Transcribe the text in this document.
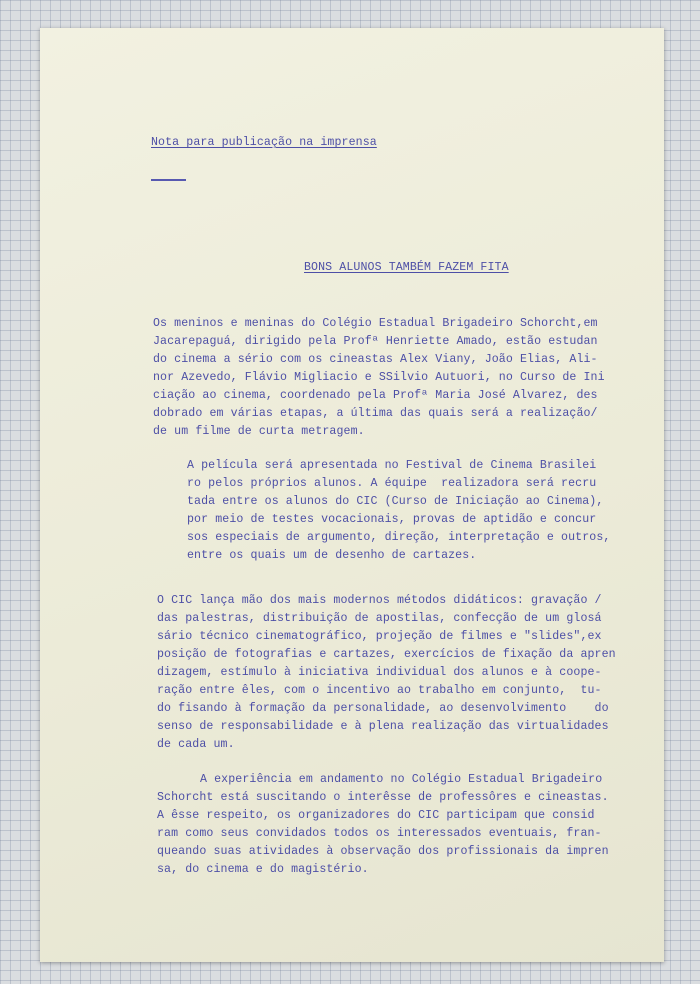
Nota para publicação na imprensa
BONS ALUNOS TAMBÉM FAZEM FITA
Os meninos e meninas do Colégio Estadual Brigadeiro Schorcht,em
Jacarepaguá, dirigido pela Profª Henriette Amado, estão estudan
do cinema a sério com os cineastas Alex Viany, João Elias, Ali-
nor Azevedo, Flávio Migliacio e SSilvio Autuori, no Curso de Ini
ciação ao cinema, coordenado pela Profª Maria José Alvarez, des
dobrado em várias etapas, a última das quais será a realização/
de um filme de curta metragem.
A película será apresentada no Festival de Cinema Brasilei
ro pelos próprios alunos. A équipe  realizadora será recru
tada entre os alunos do CIC (Curso de Iniciação ao Cinema),
por meio de testes vocacionais, provas de aptidão e concur
sos especiais de argumento, direção, interpretação e outros,
entre os quais um de desenho de cartazes.
O CIC lança mão dos mais modernos métodos didáticos: gravação /
das palestras, distribuição de apostilas, confecção de um glosá
sário técnico cinematográfico, projeção de filmes e "slides",ex
posição de fotografias e cartazes, exercícios de fixação da apren
dizagem, estímulo à iniciativa individual dos alunos e à coope-
ração entre êles, com o incentivo ao trabalho em conjunto,  tu-
do fisando à formação da personalidade, ao desenvolvimento    do
senso de responsabilidade e à plena realização das virtualidades
de cada um.
A experiência em andamento no Colégio Estadual Brigadeiro
Schorcht está suscitando o interêsse de professôres e cineastas.
A êsse respeito, os organizadores do CIC participam que consid
ram como seus convidados todos os interessados eventuais, fran-
queando suas atividades à observação dos profissionais da impren
sa, do cinema e do magistério.
